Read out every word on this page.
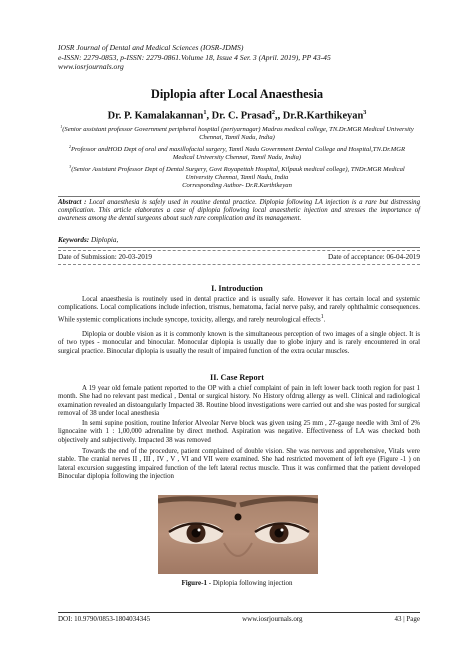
IOSR Journal of Dental and Medical Sciences (IOSR-JDMS)
e-ISSN: 2279-0853, p-ISSN: 2279-0861.Volume 18, Issue 4 Ser. 3 (April. 2019), PP 43-45
www.iosrjournals.org
Diplopia after Local Anaesthesia
Dr. P. Kamalakannan$^1$, Dr. C. Prasad$^2$,, Dr.R.Karthikeyan$^3$
$^1$(Senior assistant professor Government peripheral hospital (periyarnagar) Madras medical college, TN.Dr.MGR Medical University Chennai, Tamil Nadu, India)
$^2$Professor andHOD Dept of oral and maxillofacial surgery, Tamil Nadu Government Dental College and Hospital,TN.Dr.MGR Medical University Chennai, Tamil Nadu, India)
$^3$(Senior Assistant Professor Dept of Dental Surgery, Govt Royapettah Hospital, Kilpauk medical college), TNDr.MGR Medical University Chennai, Tamil Nadu, India
Corresponding Author- Dr.R.Karthikeyan
Abstract : Local anaesthesia is safely used in routine dental practice. Diplopia following LA injection is a rare but distressing complication. This article elaborates a case of diplopia following local anaesthetic injection and stresses the importance of awareness among the dental surgeons about such rare complication and its management.
Keywords: Diplopia,
Date of Submission: 20-03-2019	Date of acceptance: 06-04-2019
I. Introduction
Local anaesthesia is routinely used in dental practice and is usually safe. However it has certain local and systemic complications. Local complications include infection, trismus, hematoma, facial nerve palsy, and rarely ophthalmic consequences. While systemic complications include syncope, toxicity, allergy, and rarely neurological effects$^1$.
Diplopia or double vision as it is commonly known is the simultaneous perception of two images of a single object. It is of two types - monocular and binocular. Monocular diplopia is usually due to globe injury and is rarely encountered in oral surgical practice. Binocular diplopia is usually the result of impaired function of the extra ocular muscles.
II. Case Report
A 19 year old female patient reported to the OP with a chief complaint of pain in left lower back tooth region for past 1 month. She had no relevant past medical , Dental or surgical history. No History ofdrug allergy as well. Clinical and radiological examination revealed an distoangularly Impacted 38. Routine blood investigations were carried out and she was posted for surgical removal of 38 under local anesthesia
In semi supine position, routine Inferior Alveolar Nerve block was given using 25 mm , 27-gauge needle with 3ml of 2% lignocaine with 1 : 1,00,000 adrenaline by direct method. Aspiration was negative. Effectiveness of LA was checked both objectively and subjectively. Impacted 38 was removed
Towards the end of the procedure, patient complained of double vision. She was nervous and apprehensive, Vitals were stable. The cranial nerves II , III , IV , V , VI and VII were examined. She had restricted movement of left eye (Figure -1 ) on lateral excursion suggesting impaired function of the left lateral rectus muscle. Thus it was confirmed that the patient developed Binocular diplopia following the injection
Figure-1 - Diplopia following injection
DOI: 10.9790/0853-1804034345	www.iosrjournals.org	43 | Page
